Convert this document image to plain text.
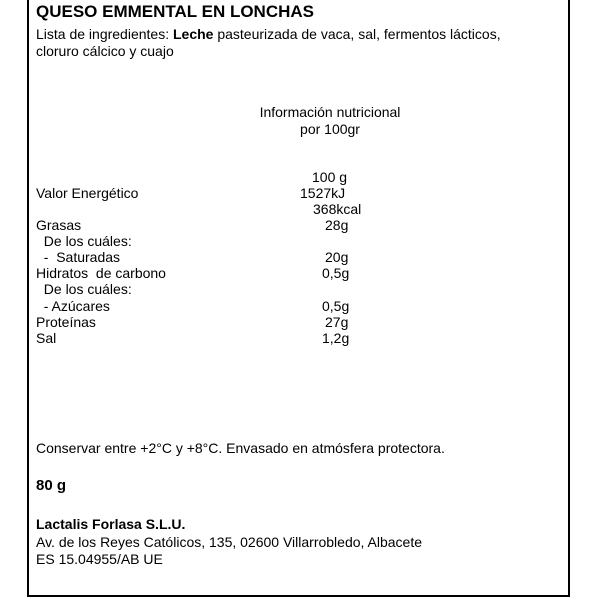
QUESO EMMENTAL EN LONCHAS
Lista de ingredientes: Leche pasteurizada de vaca, sal, fermentos lácticos, cloruro cálcico y cuajo
Información nutricional
por 100gr
100 g
Valor Energético	1527kJ
368kcal
Grasas	28g
De los cuáles:
-  Saturadas	20g
Hidratos  de carbono	0,5g
De los cuáles:
- Azúcares	0,5g
Proteínas	27g
Sal	1,2g
Conservar entre +2°C y +8°C. Envasado en atmósfera protectora.
80 g
Lactalis Forlasa S.L.U.
Av. de los Reyes Católicos, 135, 02600 Villarrobledo, Albacete
ES 15.04955/AB UE
